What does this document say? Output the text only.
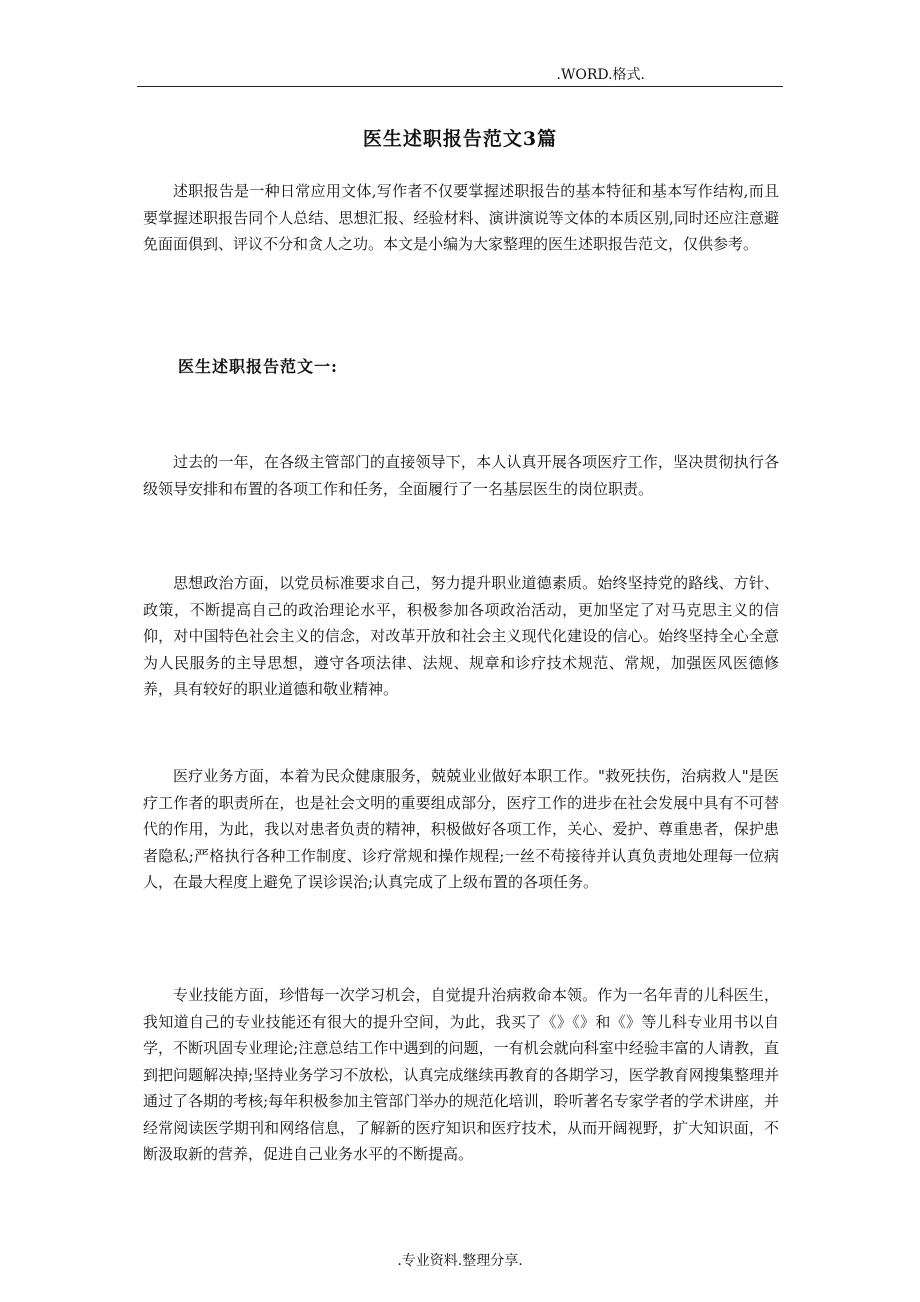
.WORD.格式.
医生述职报告范文3篇

述职报告是一种日常应用文体,写作者不仅要掌握述职报告的基本特征和基本写作结构,而且要掌握述职报告同个人总结、思想汇报、经验材料、演讲演说等文体的本质区别,同时还应注意避免面面俱到、评议不分和贪人之功。本文是小编为大家整理的医生述职报告范文，仅供参考。

医生述职报告范文一:

过去的一年，在各级主管部门的直接领导下，本人认真开展各项医疗工作，坚决贯彻执行各级领导安排和布置的各项工作和任务，全面履行了一名基层医生的岗位职责。

思想政治方面，以党员标准要求自己，努力提升职业道德素质。始终坚持党的路线、方针、政策，不断提高自己的政治理论水平，积极参加各项政治活动，更加坚定了对马克思主义的信仰，对中国特色社会主义的信念，对改革开放和社会主义现代化建设的信心。始终坚持全心全意为人民服务的主导思想，遵守各项法律、法规、规章和诊疗技术规范、常规，加强医风医德修养，具有较好的职业道德和敬业精神。

医疗业务方面，本着为民众健康服务，兢兢业业做好本职工作。"救死扶伤，治病救人"是医疗工作者的职责所在，也是社会文明的重要组成部分，医疗工作的进步在社会发展中具有不可替代的作用，为此，我以对患者负责的精神，积极做好各项工作，关心、爱护、尊重患者，保护患者隐私;严格执行各种工作制度、诊疗常规和操作规程;一丝不苟接待并认真负责地处理每一位病人，在最大程度上避免了误诊误治;认真完成了上级布置的各项任务。

专业技能方面，珍惜每一次学习机会，自觉提升治病救命本领。作为一名年青的儿科医生，我知道自己的专业技能还有很大的提升空间，为此，我买了《》《》和《》等儿科专业用书以自学，不断巩固专业理论;注意总结工作中遇到的问题，一有机会就向科室中经验丰富的人请教，直到把问题解决掉;坚持业务学习不放松，认真完成继续再教育的各期学习，医学教育网搜集整理并通过了各期的考核;每年积极参加主管部门举办的规范化培训，聆听著名专家学者的学术讲座，并经常阅读医学期刊和网络信息，了解新的医疗知识和医疗技术，从而开阔视野，扩大知识面，不断汲取新的营养，促进自己业务水平的不断提高。

.专业资料.整理分享.
